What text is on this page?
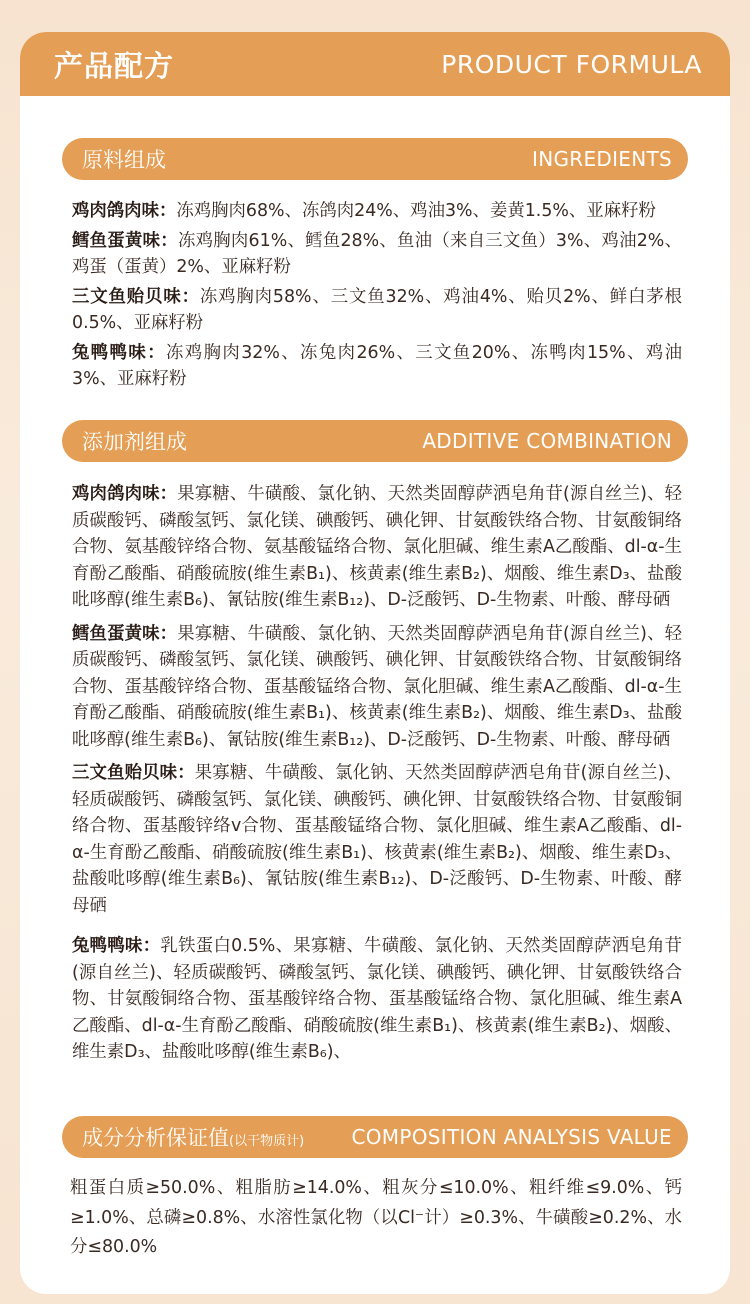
产品配方	PRODUCT FORMULA
原料组成	INGREDIENTS

鸡肉鸽肉味：冻鸡胸肉68%、冻鸽肉24%、鸡油3%、姜黄1.5%、亚麻籽粉

鳕鱼蛋黄味：冻鸡胸肉61%、鳕鱼28%、鱼油（来自三文鱼）3%、鸡油2%、鸡蛋（蛋黄）2%、亚麻籽粉

三文鱼贻贝味：冻鸡胸肉58%、三文鱼32%、鸡油4%、贻贝2%、鲜白茅根0.5%、亚麻籽粉

兔鸭鸭味：冻鸡胸肉32%、冻兔肉26%、三文鱼20%、冻鸭肉15%、鸡油3%、亚麻籽粉

添加剂组成	ADDITIVE COMBINATION

鸡肉鸽肉味：果寡糖、牛磺酸、氯化钠、天然类固醇萨洒皂角苷(源自丝兰)、轻质碳酸钙、磷酸氢钙、氯化镁、碘酸钙、碘化钾、甘氨酸铁络合物、甘氨酸铜络合物、氨基酸锌络合物、氨基酸锰络合物、氯化胆碱、维生素A乙酸酯、dl-α-生育酚乙酸酯、硝酸硫胺(维生素B₁)、核黄素(维生素B₂)、烟酸、维生素D₃、盐酸吡哆醇(维生素B₆)、氰钴胺(维生素B₁₂)、D-泛酸钙、D-生物素、叶酸、酵母硒

鳕鱼蛋黄味：果寡糖、牛磺酸、氯化钠、天然类固醇萨洒皂角苷(源自丝兰)、轻质碳酸钙、磷酸氢钙、氯化镁、碘酸钙、碘化钾、甘氨酸铁络合物、甘氨酸铜络合物、蛋基酸锌络合物、蛋基酸锰络合物、氯化胆碱、维生素A乙酸酯、dl-α-生育酚乙酸酯、硝酸硫胺(维生素B₁)、核黄素(维生素B₂)、烟酸、维生素D₃、盐酸吡哆醇(维生素B₆)、氰钴胺(维生素B₁₂)、D-泛酸钙、D-生物素、叶酸、酵母硒

三文鱼贻贝味：果寡糖、牛磺酸、氯化钠、天然类固醇萨洒皂角苷(源自丝兰)、轻质碳酸钙、磷酸氢钙、氯化镁、碘酸钙、碘化钾、甘氨酸铁络合物、甘氨酸铜络合物、蛋基酸锌络v合物、蛋基酸锰络合物、氯化胆碱、维生素A乙酸酯、dl-α-生育酚乙酸酯、硝酸硫胺(维生素B₁)、核黄素(维生素B₂)、烟酸、维生素D₃、盐酸吡哆醇(维生素B₆)、氰钴胺(维生素B₁₂)、D-泛酸钙、D-生物素、叶酸、酵母硒

兔鸭鸭味：乳铁蛋白0.5%、果寡糖、牛磺酸、氯化钠、天然类固醇萨洒皂角苷(源自丝兰)、轻质碳酸钙、磷酸氢钙、氯化镁、碘酸钙、碘化钾、甘氨酸铁络合物、甘氨酸铜络合物、蛋基酸锌络合物、蛋基酸锰络合物、氯化胆碱、维生素A乙酸酯、dl-α-生育酚乙酸酯、硝酸硫胺(维生素B₁)、核黄素(维生素B₂)、烟酸、维生素D₃、盐酸吡哆醇(维生素B₆)、

成分分析保证值(以干物质计) COMPOSITION ANALYSIS VALUE

粗蛋白质≥50.0%、粗脂肪≥14.0%、粗灰分≤10.0%、粗纤维≤9.0%、钙≥1.0%、总磷≥0.8%、水溶性氯化物（以Cl⁻计）≥0.3%、牛磺酸≥0.2%、水分≤80.0%
